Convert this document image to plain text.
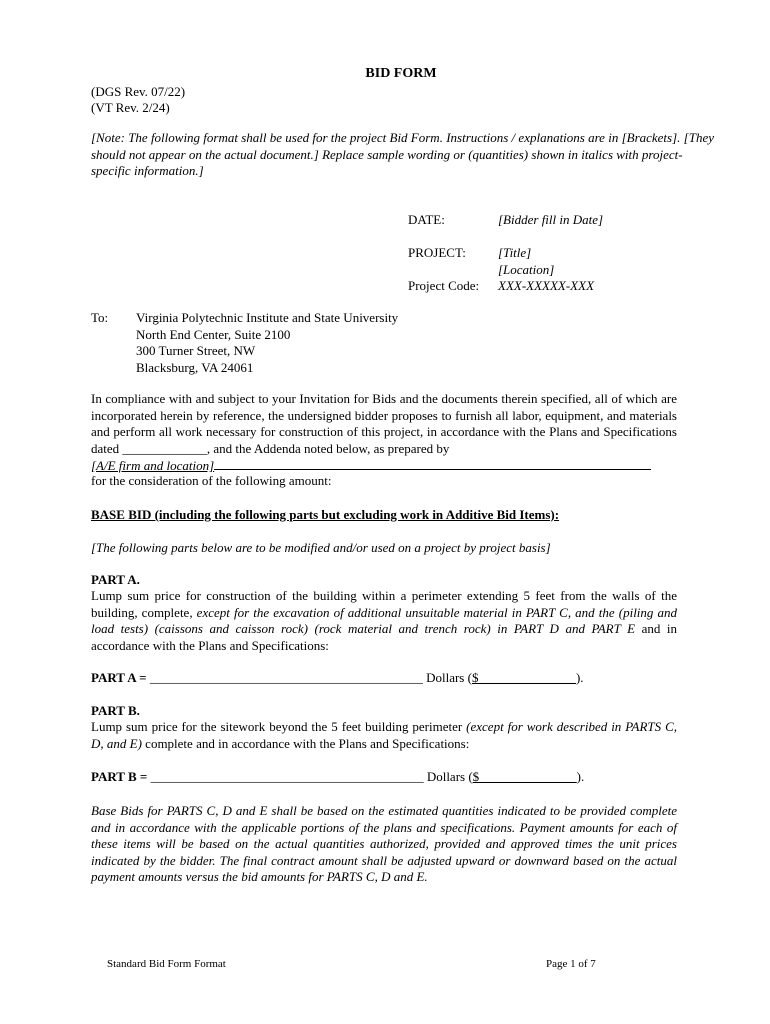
BID FORM
(DGS Rev. 07/22)
(VT Rev. 2/24)
[Note: The following format shall be used for the project Bid Form. Instructions / explanations are in [Brackets]. [They should not appear on the actual document.] Replace sample wording or (quantities) shown in italics with project-specific information.]
DATE:	[Bidder fill in Date]
PROJECT: [Title]
[Location]
Project Code: XXX-XXXXX-XXX
To: Virginia Polytechnic Institute and State University
North End Center, Suite 2100
300 Turner Street, NW
Blacksburg, VA 24061
In compliance with and subject to your Invitation for Bids and the documents therein specified, all of which are incorporated herein by reference, the undersigned bidder proposes to furnish all labor, equipment, and materials and perform all work necessary for construction of this project, in accordance with the Plans and Specifications dated _____________, and the Addenda noted below, as prepared by
[A/E firm and location]
for the consideration of the following amount:
BASE BID (including the following parts but excluding work in Additive Bid Items):
[The following parts below are to be modified and/or used on a project by project basis]
PART A.
Lump sum price for construction of the building within a perimeter extending 5 feet from the walls of the building, complete, except for the excavation of additional unsuitable material in PART C, and the (piling and load tests) (caissons and caisson rock) (rock material and trench rock) in PART D and PART E and in accordance with the Plans and Specifications:
PART A = __________________________________________ Dollars ($_______________).
PART B.
Lump sum price for the sitework beyond the 5 feet building perimeter (except for work described in PARTS C, D, and E) complete and in accordance with the Plans and Specifications:
PART B = __________________________________________ Dollars ($_______________).
Base Bids for PARTS C, D and E shall be based on the estimated quantities indicated to be provided complete and in accordance with the applicable portions of the plans and specifications. Payment amounts for each of these items will be based on the actual quantities authorized, provided and approved times the unit prices indicated by the bidder. The final contract amount shall be adjusted upward or downward based on the actual payment amounts versus the bid amounts for PARTS C, D and E.
Standard Bid Form Format	Page 1 of 7
